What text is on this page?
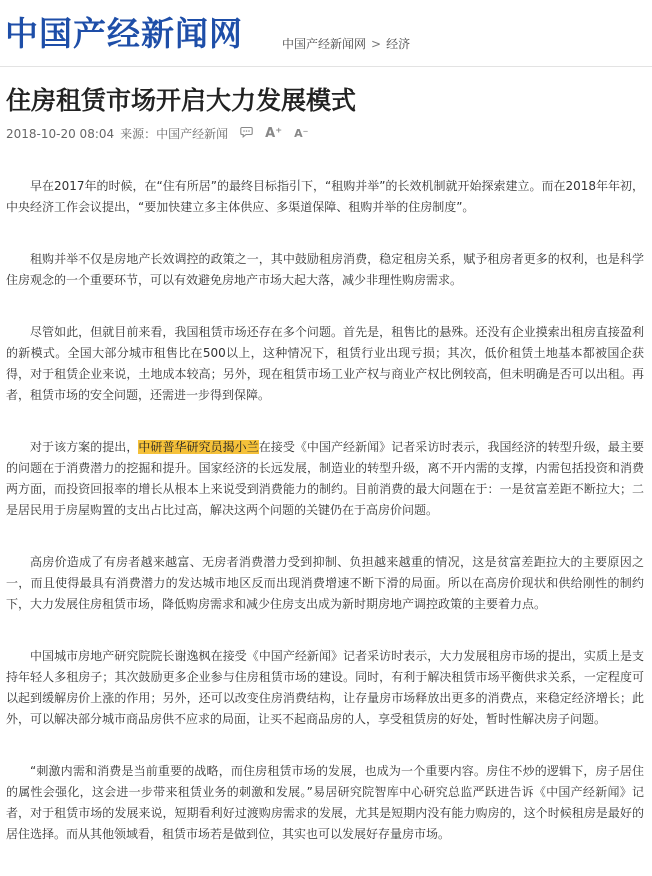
中国产经新闻网	中国产经新闻网 > 经济
住房租赁市场开启大力发展模式
2018-10-20 08:04 来源： 中国产经新闻	A⁺ A⁻

早在2017年的时候，在“住有所居”的最终目标指引下，“租购并举”的长效机制就开始探索建立。而在2018年年初，中央经济工作会议提出，“要加快建立多主体供应、多渠道保障、租购并举的住房制度”。

租购并举不仅是房地产长效调控的政策之一，其中鼓励租房消费，稳定租房关系，赋予租房者更多的权利，也是科学住房观念的一个重要环节，可以有效避免房地产市场大起大落，减少非理性购房需求。

尽管如此，但就目前来看，我国租赁市场还存在多个问题。首先是，租售比的悬殊。还没有企业摸索出租房直接盈利的新模式。全国大部分城市租售比在500以上，这种情况下，租赁行业出现亏损；其次，低价租赁土地基本都被国企获得，对于租赁企业来说，土地成本较高；另外，现在租赁市场工业产权与商业产权比例较高，但未明确是否可以出租。再者，租赁市场的安全问题，还需进一步得到保障。

对于该方案的提出，中研普华研究员揭小兰在接受《中国产经新闻》记者采访时表示，我国经济的转型升级，最主要的问题在于消费潜力的挖掘和提升。国家经济的长远发展，制造业的转型升级，离不开内需的支撑，内需包括投资和消费两方面，而投资回报率的增长从根本上来说受到消费能力的制约。目前消费的最大问题在于：一是贫富差距不断拉大；二是居民用于房屋购置的支出占比过高，解决这两个问题的关键仍在于高房价问题。

高房价造成了有房者越来越富、无房者消费潜力受到抑制、负担越来越重的情况，这是贫富差距拉大的主要原因之一，而且使得最具有消费潜力的发达城市地区反而出现消费增速不断下滑的局面。所以在高房价现状和供给刚性的制约下，大力发展住房租赁市场，降低购房需求和减少住房支出成为新时期房地产调控政策的主要着力点。

中国城市房地产研究院院长谢逸枫在接受《中国产经新闻》记者采访时表示，大力发展租房市场的提出，实质上是支持年轻人多租房子；其次鼓励更多企业参与住房租赁市场的建设。同时，有利于解决租赁市场平衡供求关系，一定程度可以起到缓解房价上涨的作用；另外，还可以改变住房消费结构，让存量房市场释放出更多的消费点，来稳定经济增长；此外，可以解决部分城市商品房供不应求的局面，让买不起商品房的人，享受租赁房的好处，暂时性解决房子问题。

“刺激内需和消费是当前重要的战略，而住房租赁市场的发展，也成为一个重要内容。房住不炒的逻辑下，房子居住的属性会强化，这会进一步带来租赁业务的刺激和发展。”易居研究院智库中心研究总监严跃进告诉《中国产经新闻》记者，对于租赁市场的发展来说，短期看利好过渡购房需求的发展，尤其是短期内没有能力购房的，这个时候租房是最好的居住选择。而从其他领域看，租赁市场若是做到位，其实也可以发展好存量房市场。
